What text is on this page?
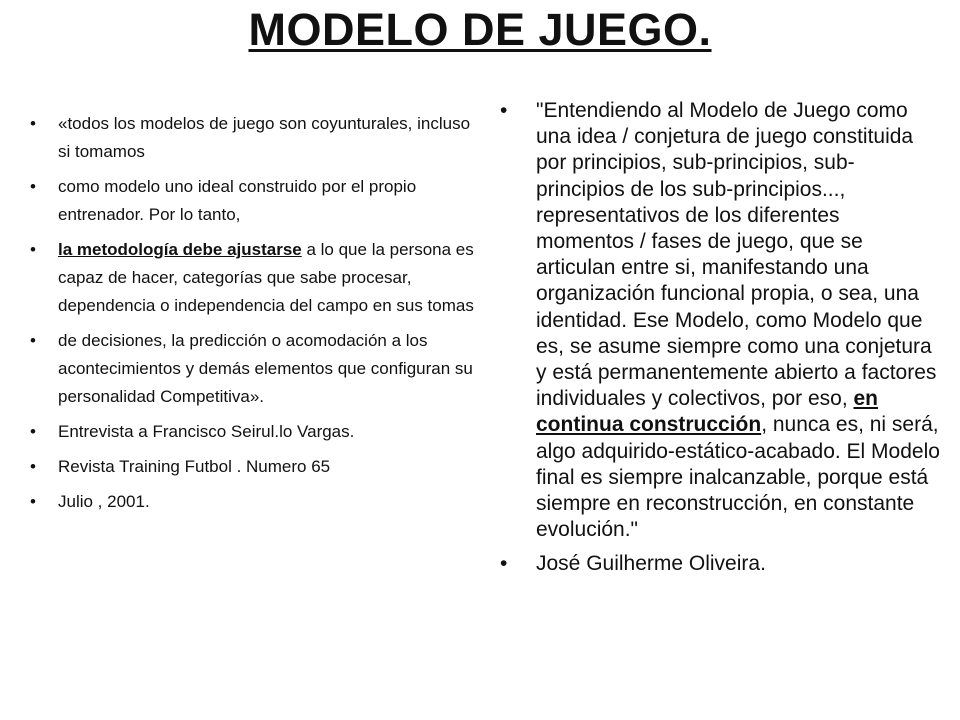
MODELO DE JUEGO.
• «todos los modelos de juego son coyunturales, incluso si tomamos
• como modelo uno ideal construido por el propio entrenador. Por lo tanto,
• la metodología debe ajustarse a lo que la persona es capaz de hacer, categorías que sabe procesar, dependencia o independencia del campo en sus tomas
• de decisiones, la predicción o acomodación a los acontecimientos y demás elementos que configuran su personalidad Competitiva».
• Entrevista a Francisco Seirul.lo Vargas.
• Revista Training Futbol . Numero 65
• Julio , 2001.
• "Entendiendo al Modelo de Juego como una idea / conjetura de juego constituida por principios, sub-principios, sub-principios de los sub-principios..., representativos de los diferentes momentos / fases de juego, que se articulan entre si, manifestando una organización funcional propia, o sea, una identidad. Ese Modelo, como Modelo que es, se asume siempre como una conjetura y está permanentemente abierto a factores individuales y colectivos, por eso, en continua construcción, nunca es, ni será, algo adquirido-estático-acabado. El Modelo final es siempre inalcanzable, porque está siempre en reconstrucción, en constante evolución."
• José Guilherme Oliveira.
